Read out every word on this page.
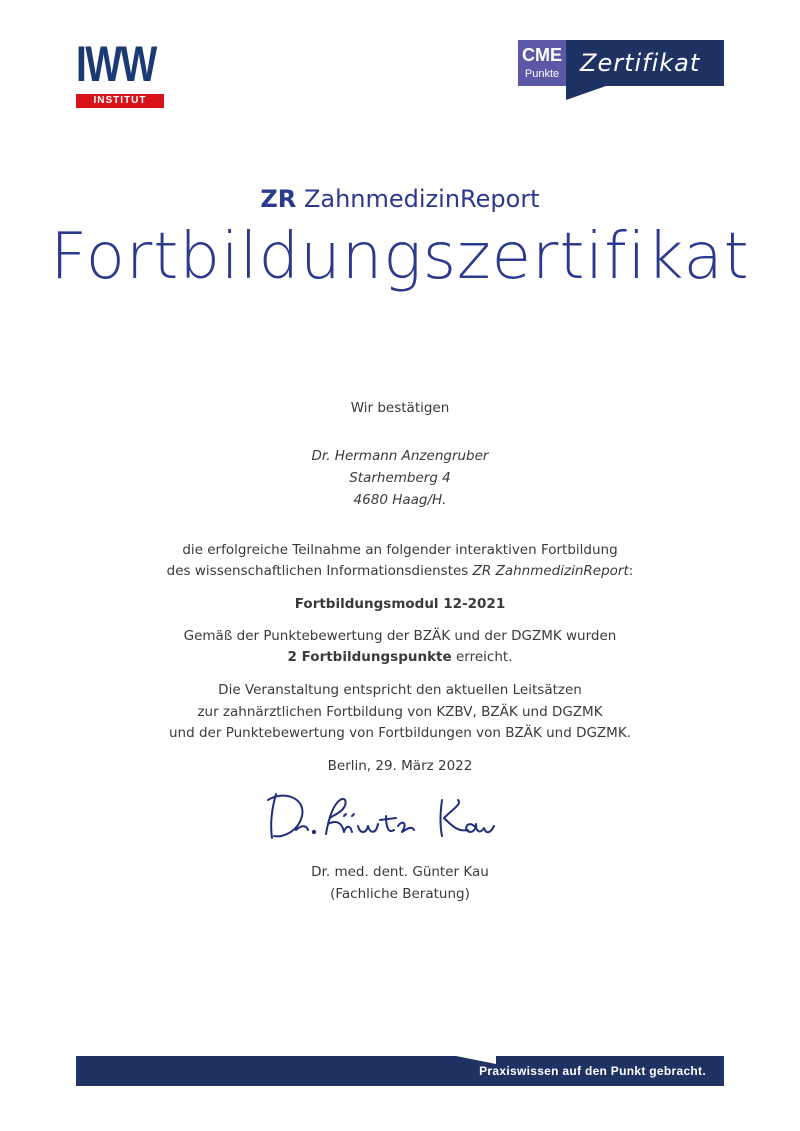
IWW
INSTITUT
CME
Punkte Zertifikat
ZR ZahnmedizinReport
Fortbildungszertifikat
Wir bestätigen
Dr. Hermann Anzengruber
Starhemberg 4
4680 Haag/H.
die erfolgreiche Teilnahme an folgender interaktiven Fortbildung
des wissenschaftlichen Informationsdienstes ZR ZahnmedizinReport:
Fortbildungsmodul 12-2021
Gemäß der Punktebewertung der BZÄK und der DGZMK wurden
2 Fortbildungspunkte erreicht.
Die Veranstaltung entspricht den aktuellen Leitsätzen
zur zahnärztlichen Fortbildung von KZBV, BZÄK und DGZMK
und der Punktebewertung von Fortbildungen von BZÄK und DGZMK.
Berlin, 29. März 2022
Dr. med. dent. Günter Kau
(Fachliche Beratung)
Praxiswissen auf den Punkt gebracht.
